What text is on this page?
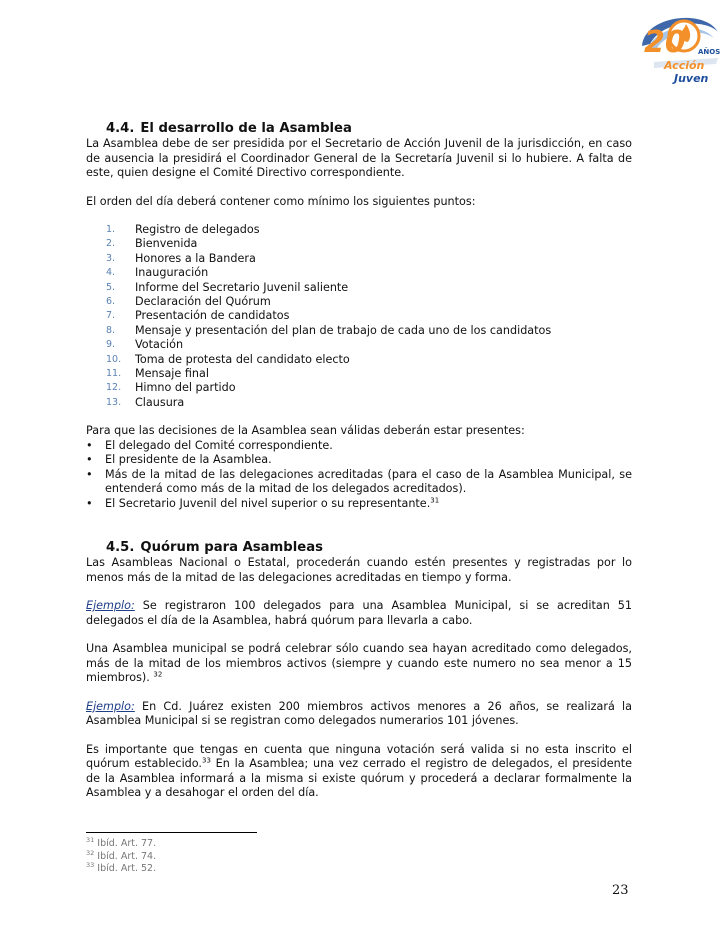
20 AÑOS
Acción
Juven
4.4. El desarrollo de la Asamblea

La Asamblea debe de ser presidida por el Secretario de Acción Juvenil de la jurisdicción, en caso de ausencia la presidirá el Coordinador General de la Secretaría Juvenil si lo hubiere. A falta de este, quien designe el Comité Directivo correspondiente.

El orden del día deberá contener como mínimo los siguientes puntos:

1.	Registro de delegados
2.	Bienvenida
3.	Honores a la Bandera
4.	Inauguración
5.	Informe del Secretario Juvenil saliente
6.	Declaración del Quórum
7.	Presentación de candidatos
8.	Mensaje y presentación del plan de trabajo de cada uno de los candidatos
9.	Votación
10.	Toma de protesta del candidato electo
11.	Mensaje final
12.	Himno del partido
13.	Clausura

Para que las decisiones de la Asamblea sean válidas deberán estar presentes:

•	El delegado del Comité correspondiente.
•	El presidente de la Asamblea.
•	Más de la mitad de las delegaciones acreditadas (para el caso de la Asamblea Municipal, se entenderá como más de la mitad de los delegados acreditados).
•	El Secretario Juvenil del nivel superior o su representante.$^{31}$
4.5. Quórum para Asambleas

Las Asambleas Nacional o Estatal, procederán cuando estén presentes y registradas por lo menos más de la mitad de las delegaciones acreditadas en tiempo y forma.

Ejemplo: Se registraron 100 delegados para una Asamblea Municipal, si se acreditan 51 delegados el día de la Asamblea, habrá quórum para llevarla a cabo.

Una Asamblea municipal se podrá celebrar sólo cuando sea hayan acreditado como delegados, más de la mitad de los miembros activos (siempre y cuando este numero no sea menor a 15 miembros). $^{32}$

Ejemplo: En Cd. Juárez existen 200 miembros activos menores a 26 años, se realizará la Asamblea Municipal si se registran como delegados numerarios 101 jóvenes.

Es importante que tengas en cuenta que ninguna votación será valida si no esta inscrito el quórum establecido.$^{33}$ En la Asamblea; una vez cerrado el registro de delegados, el presidente de la Asamblea informará a la misma si existe quórum y procederá a declarar formalmente la Asamblea y a desahogar el orden del día.

$^{31}$ Ibíd. Art. 77.
$^{32}$ Ibíd. Art. 74.
$^{33}$ Ibíd. Art. 52.
23
